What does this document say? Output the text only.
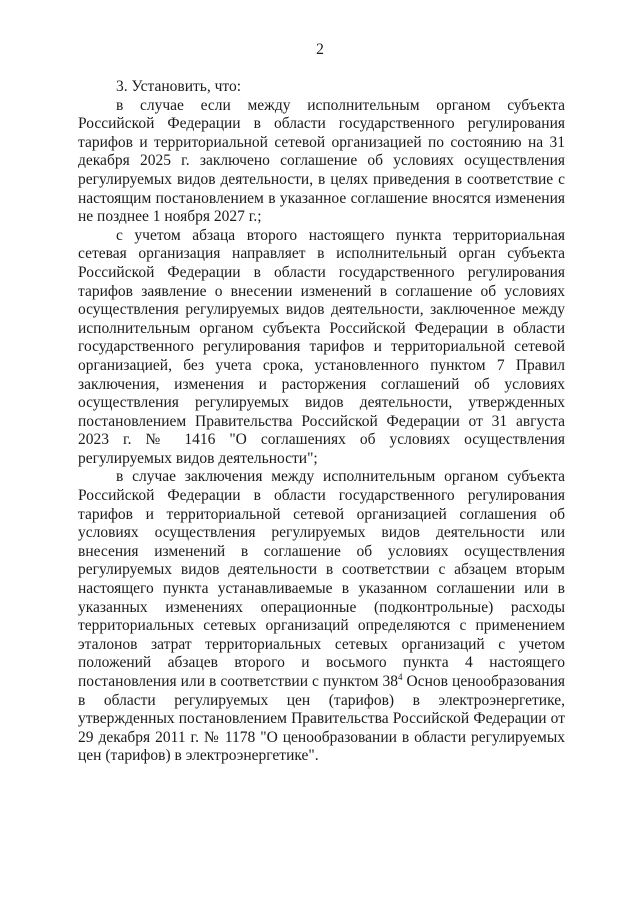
2

3. Установить, что:

в случае если между исполнительным органом субъекта Российской Федерации в области государственного регулирования тарифов и территориальной сетевой организацией по состоянию на 31 декабря 2025 г. заключено соглашение об условиях осуществления регулируемых видов деятельности, в целях приведения в соответствие с настоящим постановлением в указанное соглашение вносятся изменения не позднее 1 ноября 2027 г.;

с учетом абзаца второго настоящего пункта территориальная сетевая организация направляет в исполнительный орган субъекта Российской Федерации в области государственного регулирования тарифов заявление о внесении изменений в соглашение об условиях осуществления регулируемых видов деятельности, заключенное между исполнительным органом субъекта Российской Федерации в области государственного регулирования тарифов и территориальной сетевой организацией, без учета срока, установленного пунктом 7 Правил заключения, изменения и расторжения соглашений об условиях осуществления регулируемых видов деятельности, утвержденных постановлением Правительства Российской Федерации от 31 августа 2023 г. № 1416 "О соглашениях об условиях осуществления регулируемых видов деятельности";

в случае заключения между исполнительным органом субъекта Российской Федерации в области государственного регулирования тарифов и территориальной сетевой организацией соглашения об условиях осуществления регулируемых видов деятельности или внесения изменений в соглашение об условиях осуществления регулируемых видов деятельности в соответствии с абзацем вторым настоящего пункта устанавливаемые в указанном соглашении или в указанных изменениях операционные (подконтрольные) расходы территориальных сетевых организаций определяются с применением эталонов затрат территориальных сетевых организаций с учетом положений абзацев второго и восьмого пункта 4 настоящего постановления или в соответствии с пунктом $38^4$ Основ ценообразования в области регулируемых цен (тарифов) в электроэнергетике, утвержденных постановлением Правительства Российской Федерации от 29 декабря 2011 г. № 1178 "О ценообразовании в области регулируемых цен (тарифов) в электроэнергетике".
